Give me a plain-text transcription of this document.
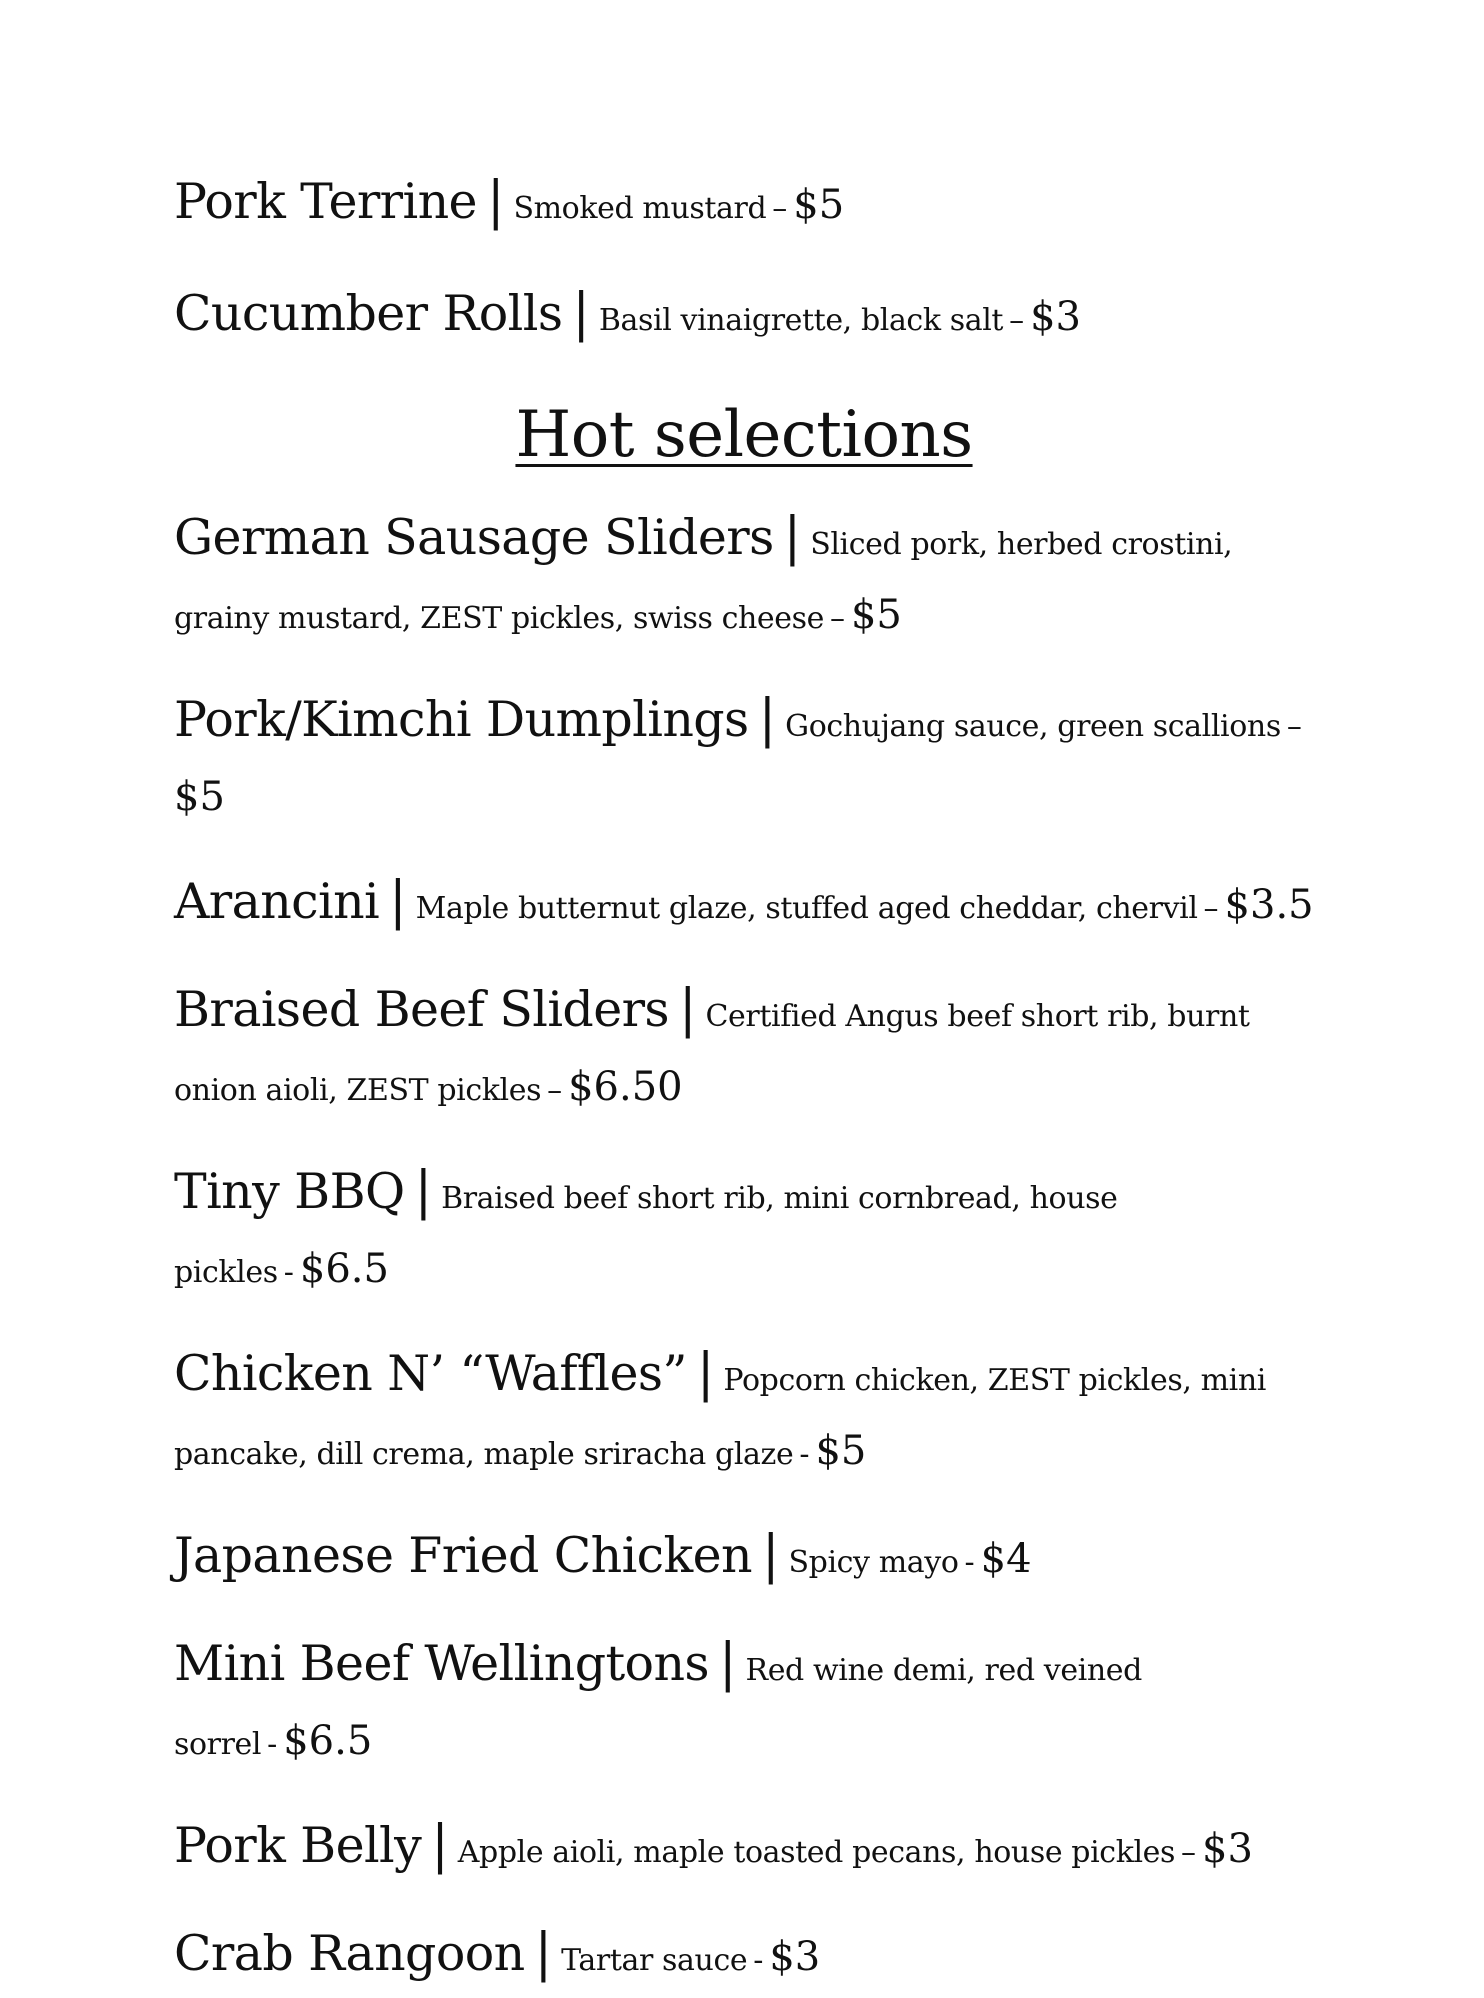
Pork Terrine | Smoked mustard – $5

Cucumber Rolls | Basil vinaigrette, black salt – $3

Hot selections

German Sausage Sliders | Sliced pork, herbed crostini, grainy mustard, ZEST pickles, swiss cheese – $5

Pork/Kimchi Dumplings | Gochujang sauce, green scallions –$5

Arancini | Maple butternut glaze, stuffed aged cheddar, chervil – $3.5

Braised Beef Sliders | Certified Angus beef short rib, burnt onion aioli, ZEST pickles – $6.50

Tiny BBQ | Braised beef short rib, mini cornbread, house pickles - $6.5

Chicken N’ “Waffles” | Popcorn chicken, ZEST pickles, mini pancake, dill crema, maple sriracha glaze - $5

Japanese Fried Chicken | Spicy mayo - $4

Mini Beef Wellingtons | Red wine demi, red veined sorrel - $6.5

Pork Belly | Apple aioli, maple toasted pecans, house pickles – $3

Crab Rangoon | Tartar sauce - $3
